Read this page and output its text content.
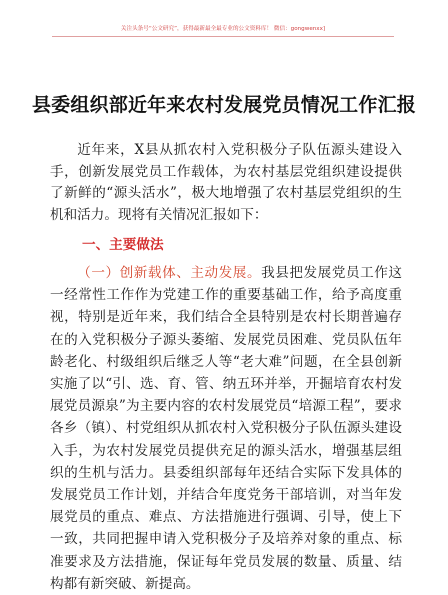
关注头条号“公文研究”，获得最新最全最专业的公文资料库！ 微信：gongwenxx]
县委组织部近年来农村发展党员情况工作汇报

近年来，X县从抓农村入党积极分子队伍源头建设入手，创新发展党员工作载体，为农村基层党组织建设提供了新鲜的“源头活水”，极大地增强了农村基层党组织的生机和活力。现将有关情况汇报如下：

一、主要做法

（一）创新载体、主动发展。我县把发展党员工作这一经常性工作作为党建工作的重要基础工作，给予高度重视，特别是近年来，我们结合全县特别是农村长期普遍存在的入党积极分子源头萎缩、发展党员困难、党员队伍年龄老化、村级组织后继乏人等“老大难”问题，在全县创新实施了以“引、选、育、管、纳五环并举，开掘培育农村发展党员源泉”为主要内容的农村发展党员“培源工程”，要求各乡（镇）、村党组织从抓农村入党积极分子队伍源头建设入手，为农村发展党员提供充足的源头活水，增强基层组织的生机与活力。县委组织部每年还结合实际下发具体的发展党员工作计划，并结合年度党务干部培训，对当年发展党员的重点、难点、方法措施进行强调、引导，使上下一致，共同把握申请入党积极分子及培养对象的重点、标准要求及方法措施，保证每年党员发展的数量、质量、结构都有新突破、新提高。
